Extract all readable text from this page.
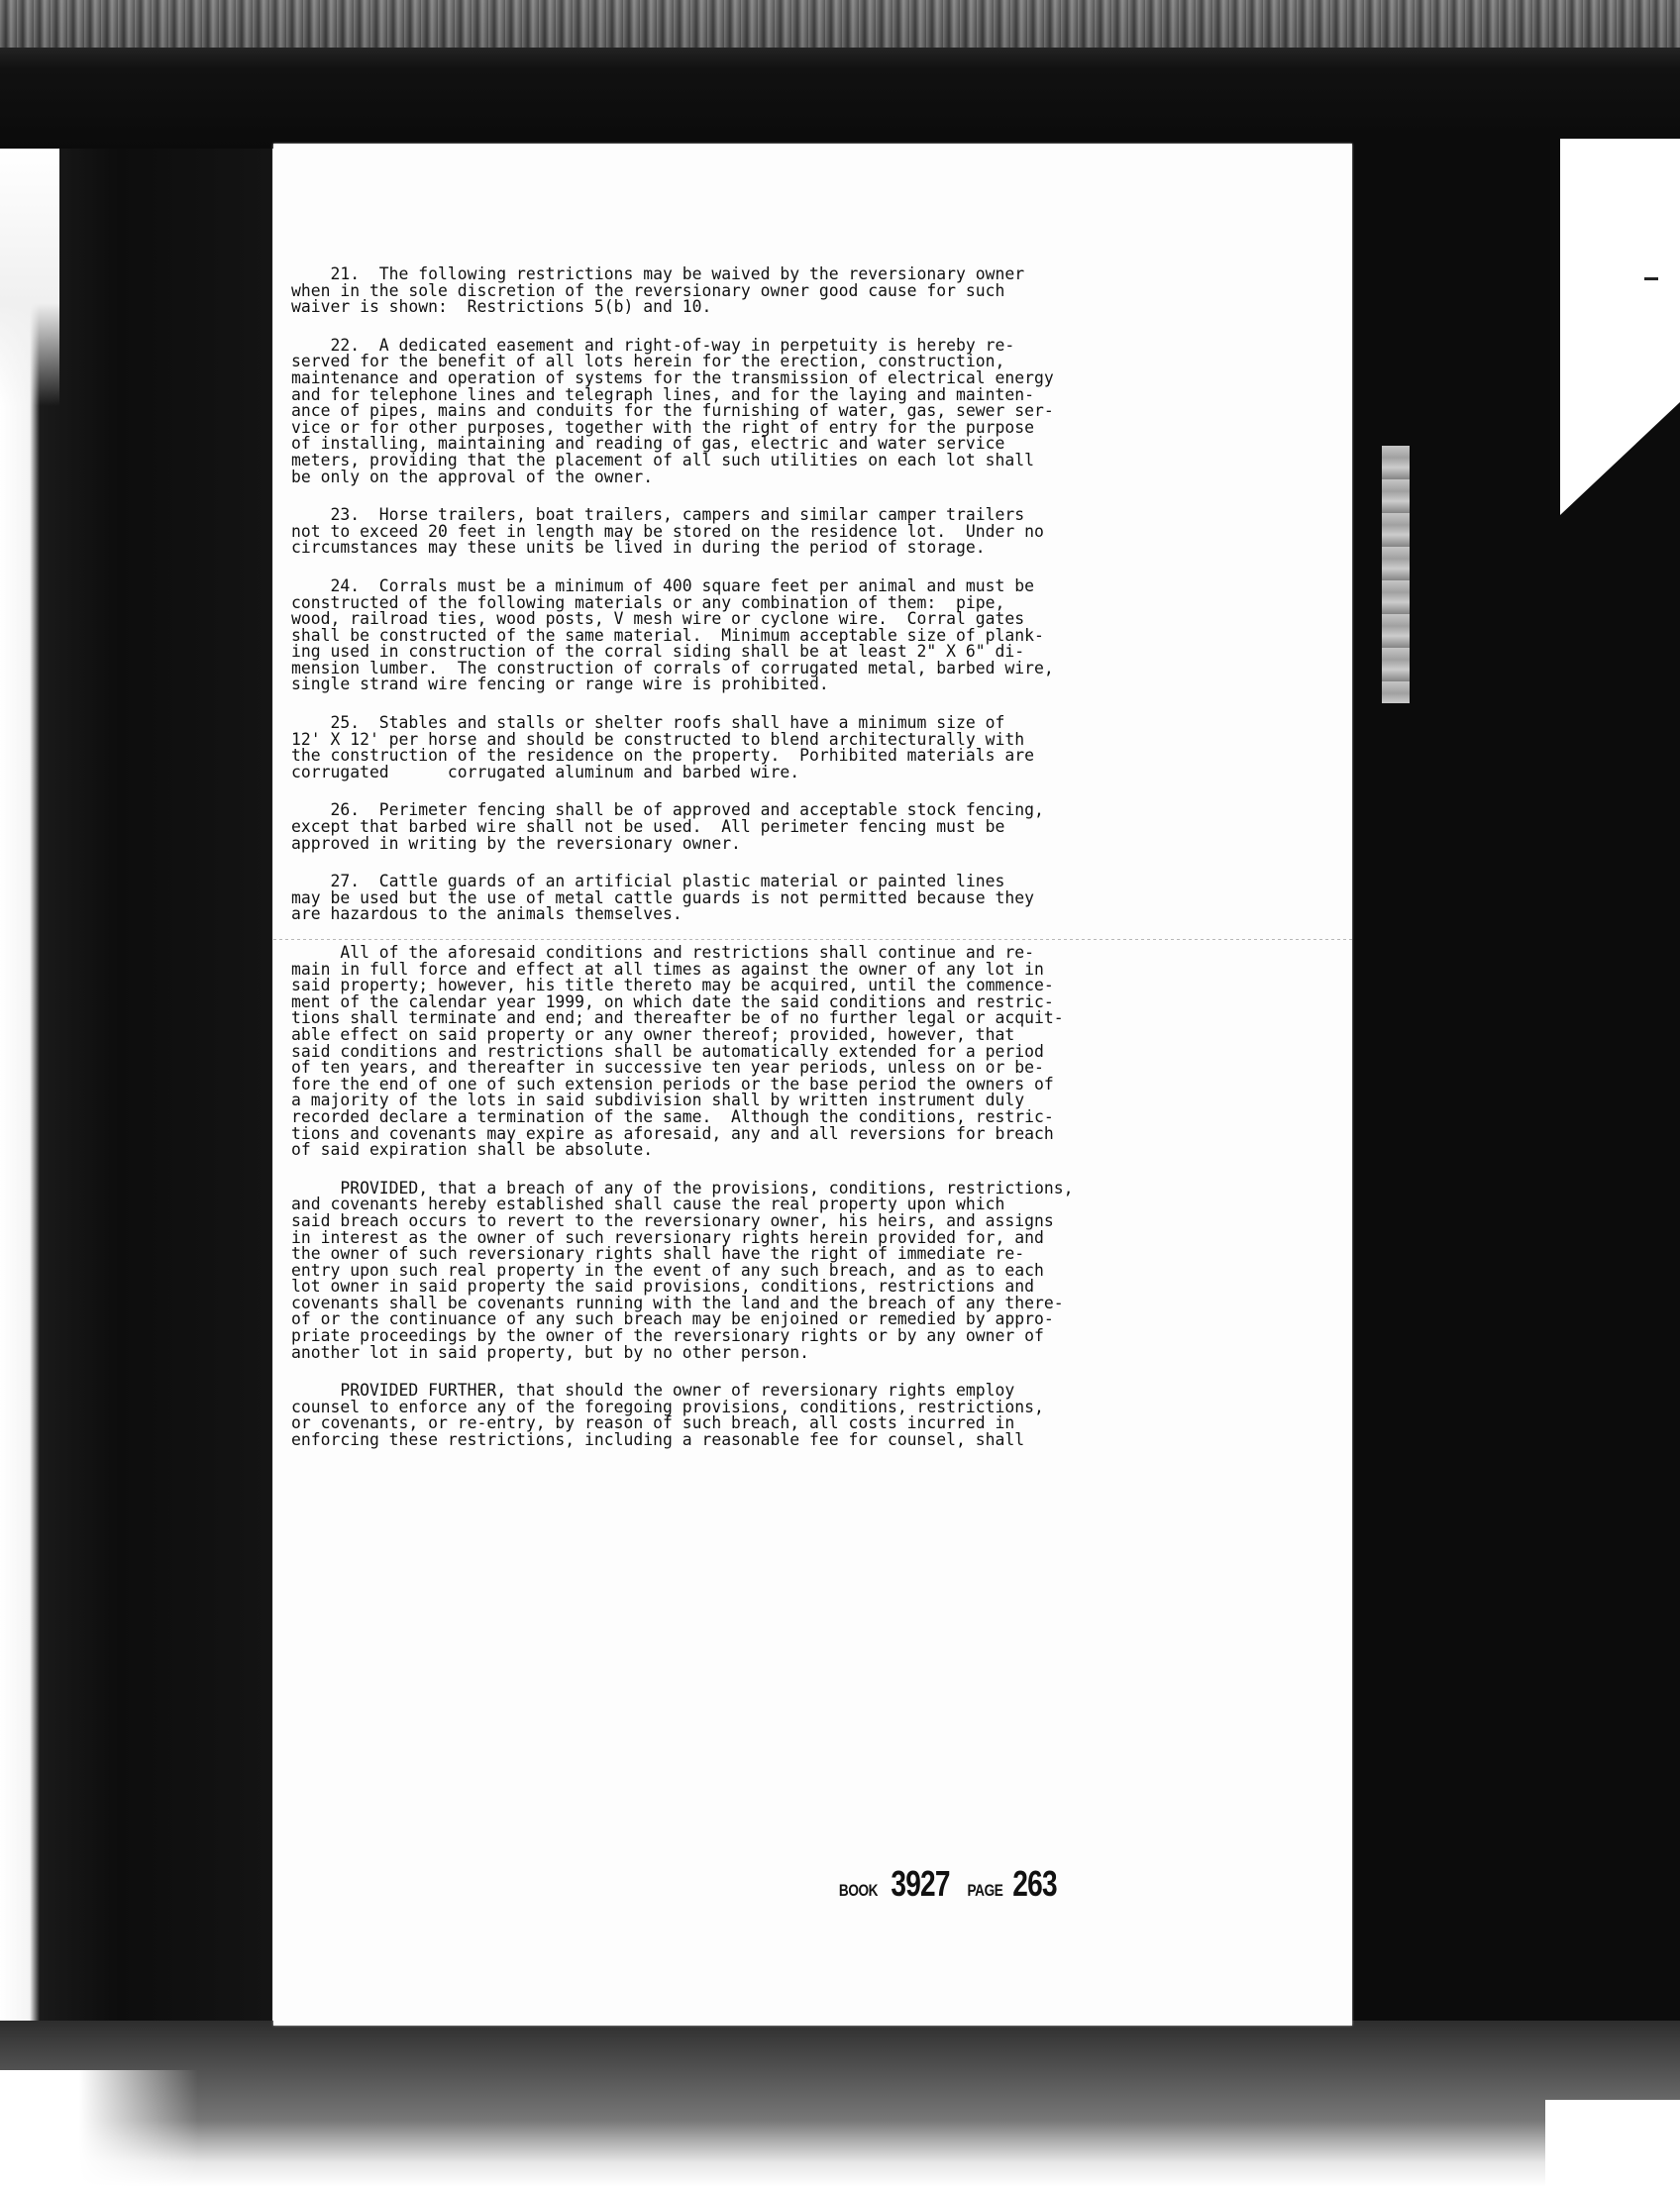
21.  The following restrictions may be waived by the reversionary owner
when in the sole discretion of the reversionary owner good cause for such
waiver is shown:  Restrictions 5(b) and 10.
22.  A dedicated easement and right-of-way in perpetuity is hereby re-
served for the benefit of all lots herein for the erection, construction,
maintenance and operation of systems for the transmission of electrical energy
and for telephone lines and telegraph lines, and for the laying and mainten-
ance of pipes, mains and conduits for the furnishing of water, gas, sewer ser-
vice or for other purposes, together with the right of entry for the purpose
of installing, maintaining and reading of gas, electric and water service
meters, providing that the placement of all such utilities on each lot shall
be only on the approval of the owner.
23.  Horse trailers, boat trailers, campers and similar camper trailers
not to exceed 20 feet in length may be stored on the residence lot.  Under no
circumstances may these units be lived in during the period of storage.
24.  Corrals must be a minimum of 400 square feet per animal and must be
constructed of the following materials or any combination of them:  pipe,
wood, railroad ties, wood posts, V mesh wire or cyclone wire.  Corral gates
shall be constructed of the same material.  Minimum acceptable size of plank-
ing used in construction of the corral siding shall be at least 2" X 6" di-
mension lumber.  The construction of corrals of corrugated metal, barbed wire,
single strand wire fencing or range wire is prohibited.
25.  Stables and stalls or shelter roofs shall have a minimum size of
12' X 12' per horse and should be constructed to blend architecturally with
the construction of the residence on the property.  Porhibited materials are
corrugated      corrugated aluminum and barbed wire.
26.  Perimeter fencing shall be of approved and acceptable stock fencing,
except that barbed wire shall not be used.  All perimeter fencing must be
approved in writing by the reversionary owner.
27.  Cattle guards of an artificial plastic material or painted lines
may be used but the use of metal cattle guards is not permitted because they
are hazardous to the animals themselves.
All of the aforesaid conditions and restrictions shall continue and re-
main in full force and effect at all times as against the owner of any lot in
said property; however, his title thereto may be acquired, until the commence-
ment of the calendar year 1999, on which date the said conditions and restric-
tions shall terminate and end; and thereafter be of no further legal or acquit-
able effect on said property or any owner thereof; provided, however, that
said conditions and restrictions shall be automatically extended for a period
of ten years, and thereafter in successive ten year periods, unless on or be-
fore the end of one of such extension periods or the base period the owners of
a majority of the lots in said subdivision shall by written instrument duly
recorded declare a termination of the same.  Although the conditions, restric-
tions and covenants may expire as aforesaid, any and all reversions for breach
of said expiration shall be absolute.
PROVIDED, that a breach of any of the provisions, conditions, restrictions,
and covenants hereby established shall cause the real property upon which
said breach occurs to revert to the reversionary owner, his heirs, and assigns
in interest as the owner of such reversionary rights herein provided for, and
the owner of such reversionary rights shall have the right of immediate re-
entry upon such real property in the event of any such breach, and as to each
lot owner in said property the said provisions, conditions, restrictions and
covenants shall be covenants running with the land and the breach of any there-
of or the continuance of any such breach may be enjoined or remedied by appro-
priate proceedings by the owner of the reversionary rights or by any owner of
another lot in said property, but by no other person.
PROVIDED FURTHER, that should the owner of reversionary rights employ
counsel to enforce any of the foregoing provisions, conditions, restrictions,
or covenants, or re-entry, by reason of such breach, all costs incurred in
enforcing these restrictions, including a reasonable fee for counsel, shall
BOOK 3927 PAGE 263
